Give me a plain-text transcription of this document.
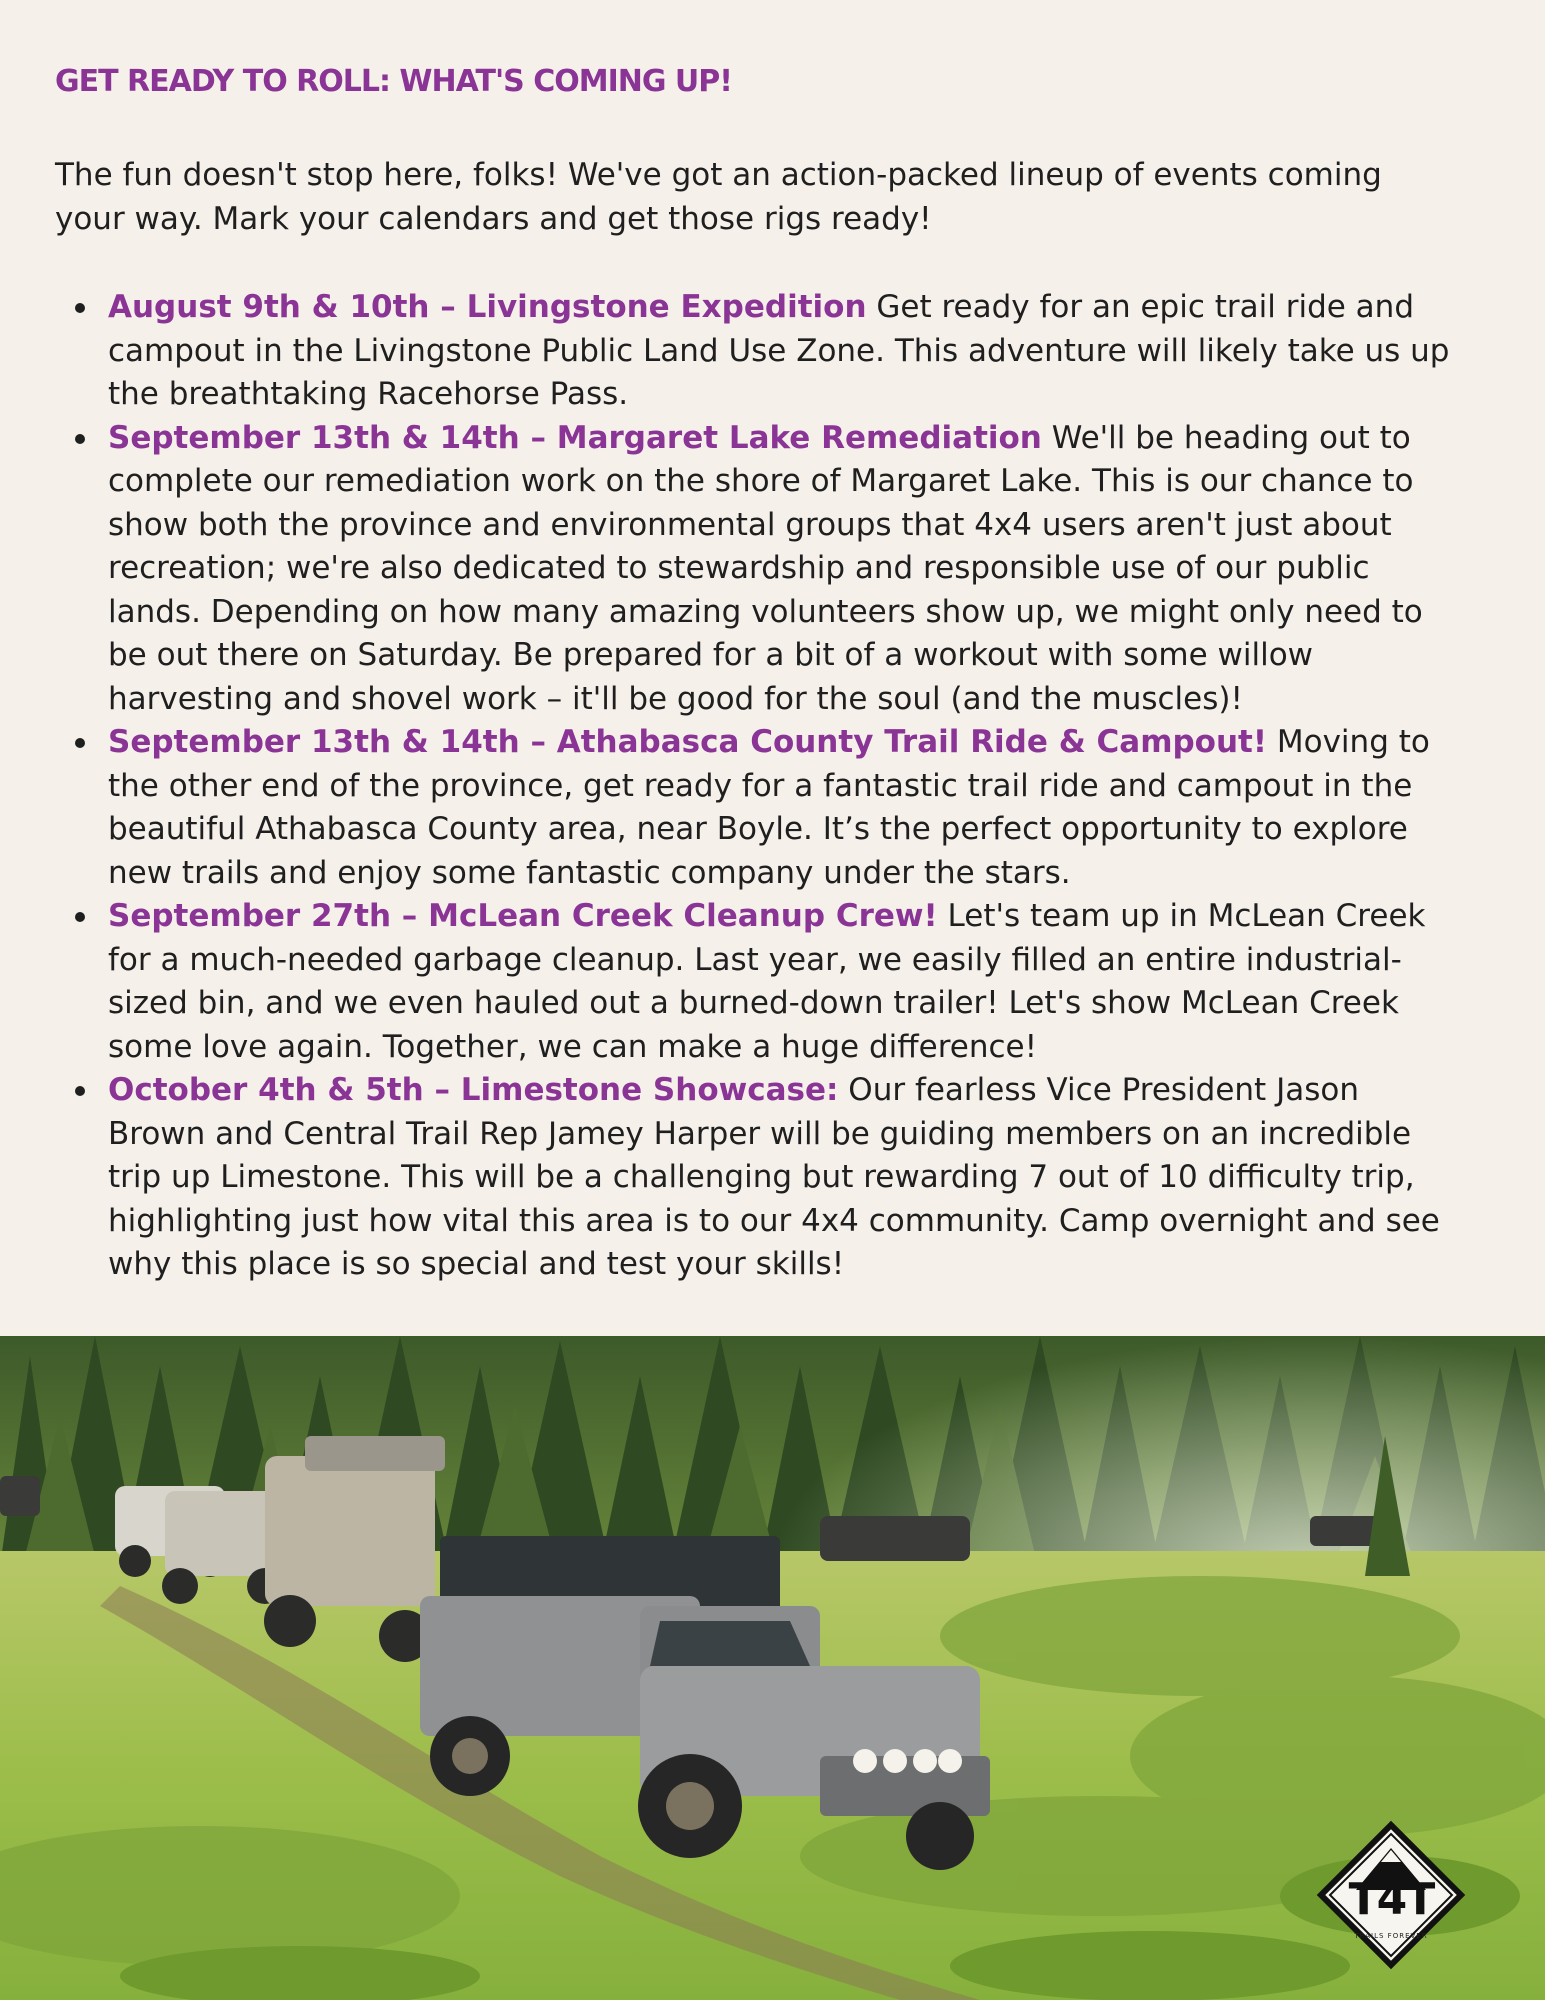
GET READY TO ROLL: WHAT'S COMING UP!

The fun doesn't stop here, folks! We've got an action-packed lineup of events coming your way. Mark your calendars and get those rigs ready!

August 9th & 10th – Livingstone Expedition Get ready for an epic trail ride and campout in the Livingstone Public Land Use Zone. This adventure will likely take us up the breathtaking Racehorse Pass.
September 13th & 14th – Margaret Lake Remediation We'll be heading out to complete our remediation work on the shore of Margaret Lake. This is our chance to show both the province and environmental groups that 4x4 users aren't just about recreation; we're also dedicated to stewardship and responsible use of our public lands. Depending on how many amazing volunteers show up, we might only need to be out there on Saturday. Be prepared for a bit of a workout with some willow harvesting and shovel work – it'll be good for the soul (and the muscles)!
September 13th & 14th – Athabasca County Trail Ride & Campout! Moving to the other end of the province, get ready for a fantastic trail ride and campout in the beautiful Athabasca County area, near Boyle. It’s the perfect opportunity to explore new trails and enjoy some fantastic company under the stars.
September 27th – McLean Creek Cleanup Crew! Let's team up in McLean Creek for a much-needed garbage cleanup. Last year, we easily filled an entire industrial-sized bin, and we even hauled out a burned-down trailer! Let's show McLean Creek some love again. Together, we can make a huge difference!
October 4th & 5th – Limestone Showcase: Our fearless Vice President Jason Brown and Central Trail Rep Jamey Harper will be guiding members on an incredible trip up Limestone. This will be a challenging but rewarding 7 out of 10 difficulty trip, highlighting just how vital this area is to our 4x4 community. Camp overnight and see why this place is so special and test your skills!
T4T
TRAILS FOREVER
